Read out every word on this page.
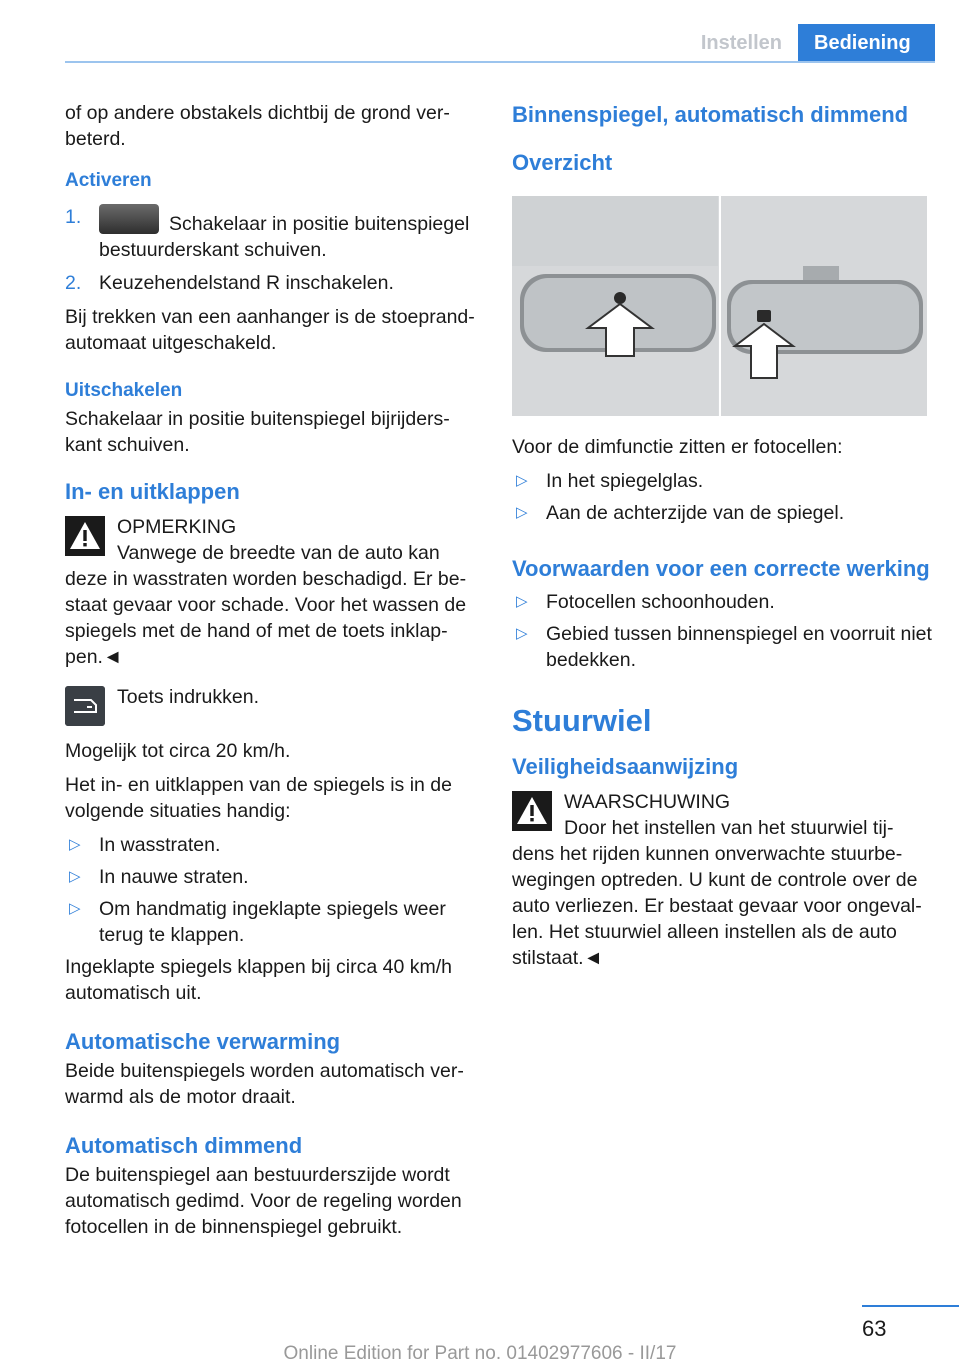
Instellen	Bediening

of op andere obstakels dichtbij de grond ver-beterd.

Activeren
1.	Schakelaar in positie buitenspiegel bestuurderskant schuiven.
2. Keuzehendelstand R inschakelen.

Bij trekken van een aanhanger is de stoeprand-automaat uitgeschakeld.

Uitschakelen

Schakelaar in positie buitenspiegel bijrijders-kant schuiven.

In- en uitklappen
OPMERKING

Vanwege de breedte van de auto kan deze in wasstraten worden beschadigd. Er be-staat gevaar voor schade. Voor het wassen de spiegels met de hand of met de toets inklap-pen.◄

Toets indrukken.

Mogelijk tot circa 20 km/h.

Het in- en uitklappen van de spiegels is in de volgende situaties handig:

▷ In wasstraten.
▷ In nauwe straten.
▷ Om handmatig ingeklapte spiegels weer terug te klappen.

Ingeklapte spiegels klappen bij circa 40 km/h automatisch uit.

Automatische verwarming

Beide buitenspiegels worden automatisch ver-warmd als de motor draait.

Automatisch dimmend

De buitenspiegel aan bestuurderszijde wordt automatisch gedimd. Voor de regeling worden fotocellen in de binnenspiegel gebruikt.

Binnenspiegel, automatisch dimmend
Overzicht

Voor de dimfunctie zitten er fotocellen:

▷ In het spiegelglas.
▷ Aan de achterzijde van de spiegel.
Voorwaarden voor een correcte werking
▷ Fotocellen schoonhouden.
▷ Gebied tussen binnenspiegel en voorruit niet bedekken.
Stuurwiel
Veiligheidsaanwijzing
WAARSCHUWING

Door het instellen van het stuurwiel tij-dens het rijden kunnen onverwachte stuurbe-wegingen optreden. U kunt de controle over de auto verliezen. Er bestaat gevaar voor ongeval-len. Het stuurwiel alleen instellen als de auto stilstaat.◄

63
Online Edition for Part no. 01402977606 - II/17
